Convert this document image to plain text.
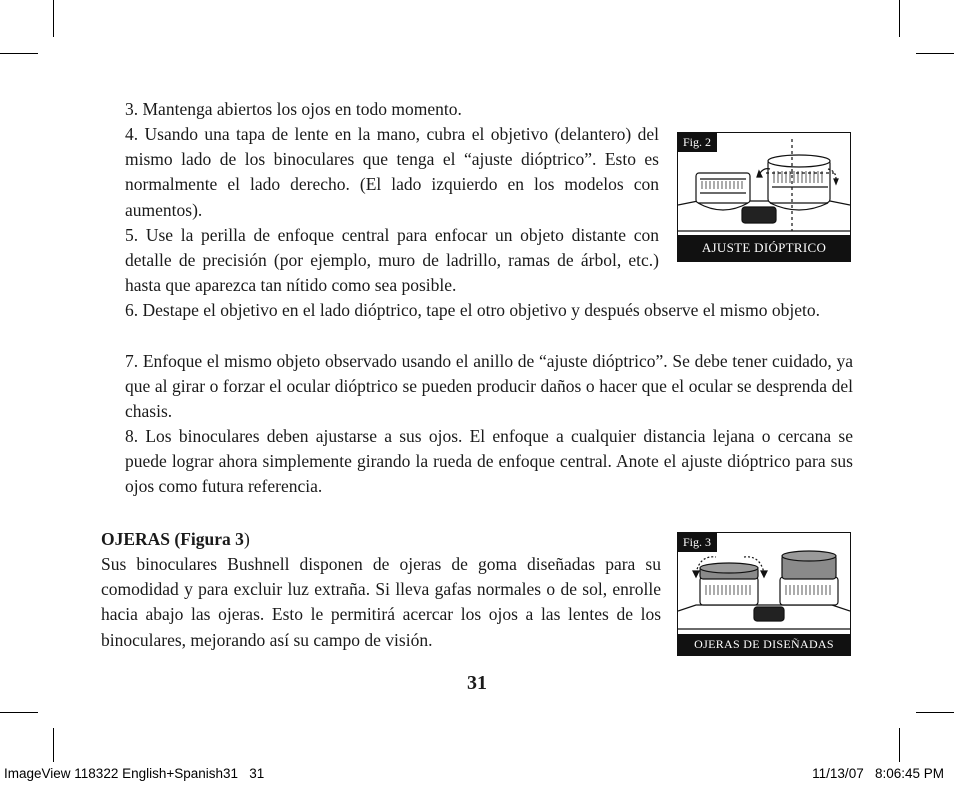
3. Mantenga abiertos los ojos en todo momento.

4. Usando una tapa de lente en la mano, cubra el objetivo (delantero) del mismo lado de los binoculares que tenga el “ajuste dióptrico”. Esto es normalmente el lado derecho. (El lado izquierdo en los modelos con aumentos).

5. Use la perilla de enfoque central para enfocar un objeto distante con detalle de precisión (por ejemplo, muro de ladrillo, ramas de árbol, etc.) hasta que aparezca tan nítido como sea posible.

6. Destape el objetivo en el lado dióptrico, tape el otro objetivo y después observe el mismo objeto.

7. Enfoque el mismo objeto observado usando el anillo de “ajuste dióptrico”. Se debe tener cuidado, ya que al girar o forzar el ocular dióptrico se pueden producir daños o hacer que el ocular se desprenda del chasis.

8. Los binoculares deben ajustarse a sus ojos. El enfoque a cualquier distancia lejana o cercana se puede lograr ahora simplemente girando la rueda de enfoque central. Anote el ajuste dióptrico para sus ojos como futura referencia.

Fig. 2
AJUSTE DIÓPTRICO

OJERAS (Figura 3)

Sus binoculares Bushnell disponen de ojeras de goma diseñadas para su comodidad y para excluir luz extraña. Si lleva gafas normales o de sol, enrolle hacia abajo las ojeras. Esto le permitirá acercar los ojos a las lentes de los binoculares, mejorando así su campo de visión.

Fig. 3
OJERAS DE DISEÑADAS
31
ImageView 118322 English+Spanish31   31	11/13/07   8:06:45 PM
